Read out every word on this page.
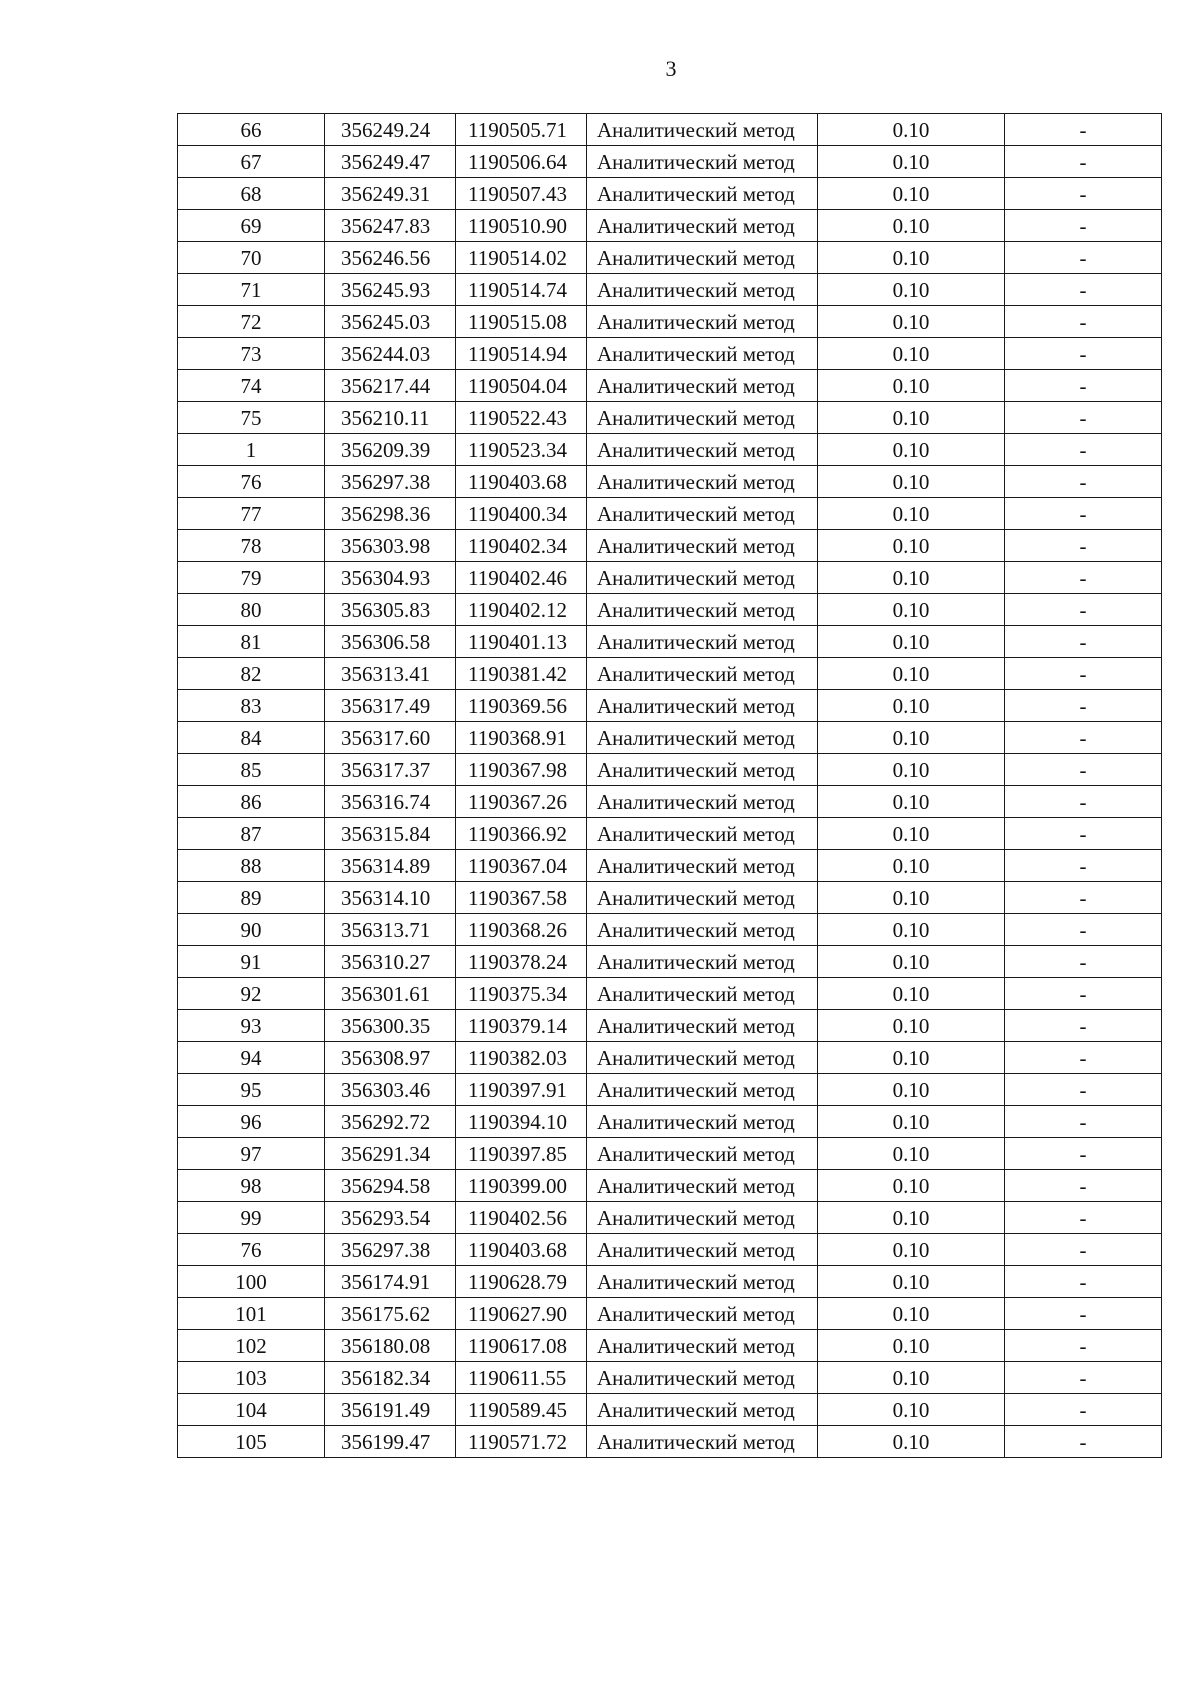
3
66	356249.24	1190505.71	Аналитический метод	0.10	-
67	356249.47	1190506.64	Аналитический метод	0.10	-
68	356249.31	1190507.43	Аналитический метод	0.10	-
69	356247.83	1190510.90	Аналитический метод	0.10	-
70	356246.56	1190514.02	Аналитический метод	0.10	-
71	356245.93	1190514.74	Аналитический метод	0.10	-
72	356245.03	1190515.08	Аналитический метод	0.10	-
73	356244.03	1190514.94	Аналитический метод	0.10	-
74	356217.44	1190504.04	Аналитический метод	0.10	-
75	356210.11	1190522.43	Аналитический метод	0.10	-
1	356209.39	1190523.34	Аналитический метод	0.10	-
76	356297.38	1190403.68	Аналитический метод	0.10	-
77	356298.36	1190400.34	Аналитический метод	0.10	-
78	356303.98	1190402.34	Аналитический метод	0.10	-
79	356304.93	1190402.46	Аналитический метод	0.10	-
80	356305.83	1190402.12	Аналитический метод	0.10	-
81	356306.58	1190401.13	Аналитический метод	0.10	-
82	356313.41	1190381.42	Аналитический метод	0.10	-
83	356317.49	1190369.56	Аналитический метод	0.10	-
84	356317.60	1190368.91	Аналитический метод	0.10	-
85	356317.37	1190367.98	Аналитический метод	0.10	-
86	356316.74	1190367.26	Аналитический метод	0.10	-
87	356315.84	1190366.92	Аналитический метод	0.10	-
88	356314.89	1190367.04	Аналитический метод	0.10	-
89	356314.10	1190367.58	Аналитический метод	0.10	-
90	356313.71	1190368.26	Аналитический метод	0.10	-
91	356310.27	1190378.24	Аналитический метод	0.10	-
92	356301.61	1190375.34	Аналитический метод	0.10	-
93	356300.35	1190379.14	Аналитический метод	0.10	-
94	356308.97	1190382.03	Аналитический метод	0.10	-
95	356303.46	1190397.91	Аналитический метод	0.10	-
96	356292.72	1190394.10	Аналитический метод	0.10	-
97	356291.34	1190397.85	Аналитический метод	0.10	-
98	356294.58	1190399.00	Аналитический метод	0.10	-
99	356293.54	1190402.56	Аналитический метод	0.10	-
76	356297.38	1190403.68	Аналитический метод	0.10	-
100	356174.91	1190628.79	Аналитический метод	0.10	-
101	356175.62	1190627.90	Аналитический метод	0.10	-
102	356180.08	1190617.08	Аналитический метод	0.10	-
103	356182.34	1190611.55	Аналитический метод	0.10	-
104	356191.49	1190589.45	Аналитический метод	0.10	-
105	356199.47	1190571.72	Аналитический метод	0.10	-
